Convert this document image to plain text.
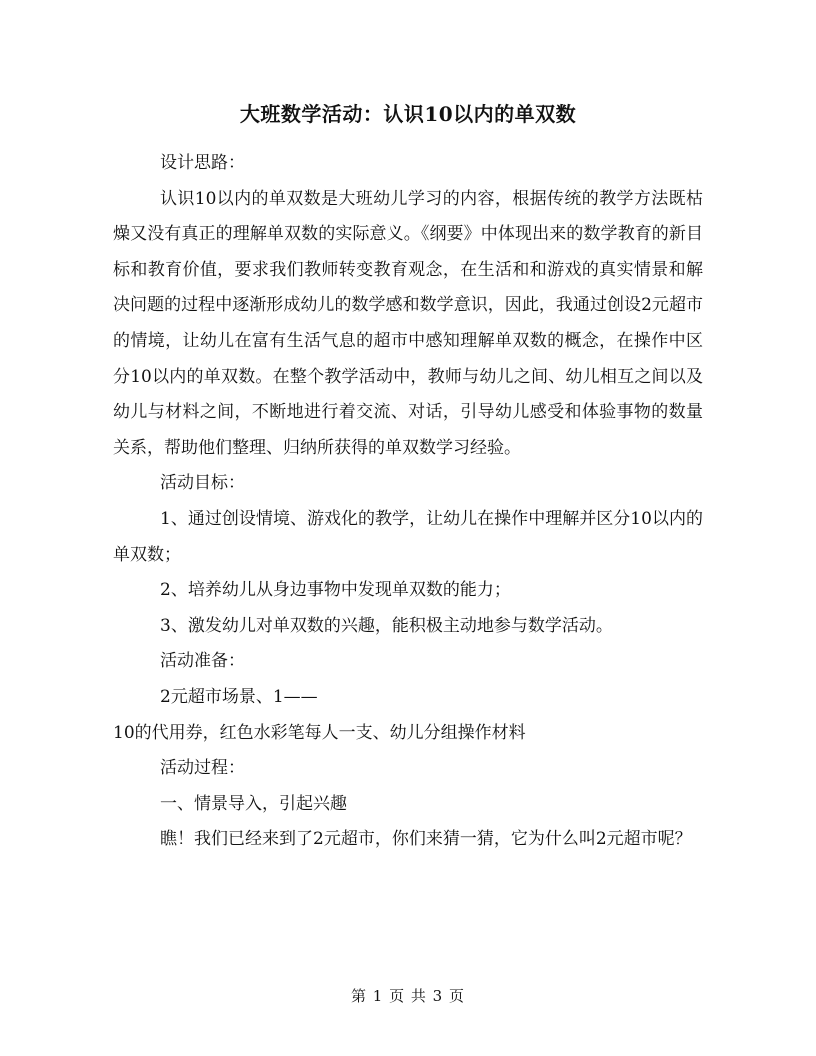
大班数学活动：认识10以内的单双数

设计思路：

认识10以内的单双数是大班幼儿学习的内容，根据传统的教学方法既枯燥又没有真正的理解单双数的实际意义。《纲要》中体现出来的数学教育的新目标和教育价值，要求我们教师转变教育观念，在生活和和游戏的真实情景和解决问题的过程中逐渐形成幼儿的数学感和数学意识，因此，我通过创设2元超市的情境，让幼儿在富有生活气息的超市中感知理解单双数的概念，在操作中区分10以内的单双数。在整个教学活动中，教师与幼儿之间、幼儿相互之间以及幼儿与材料之间，不断地进行着交流、对话，引导幼儿感受和体验事物的数量关系，帮助他们整理、归纳所获得的单双数学习经验。

活动目标：

1、通过创设情境、游戏化的教学，让幼儿在操作中理解并区分10以内的单双数；

2、培养幼儿从身边事物中发现单双数的能力；

3、激发幼儿对单双数的兴趣，能积极主动地参与数学活动。

活动准备：

2元超市场景、1——

10的代用券，红色水彩笔每人一支、幼儿分组操作材料

活动过程：

一、情景导入，引起兴趣

瞧！我们已经来到了2元超市，你们来猜一猜，它为什么叫2元超市呢？

第 1 页 共 3 页
